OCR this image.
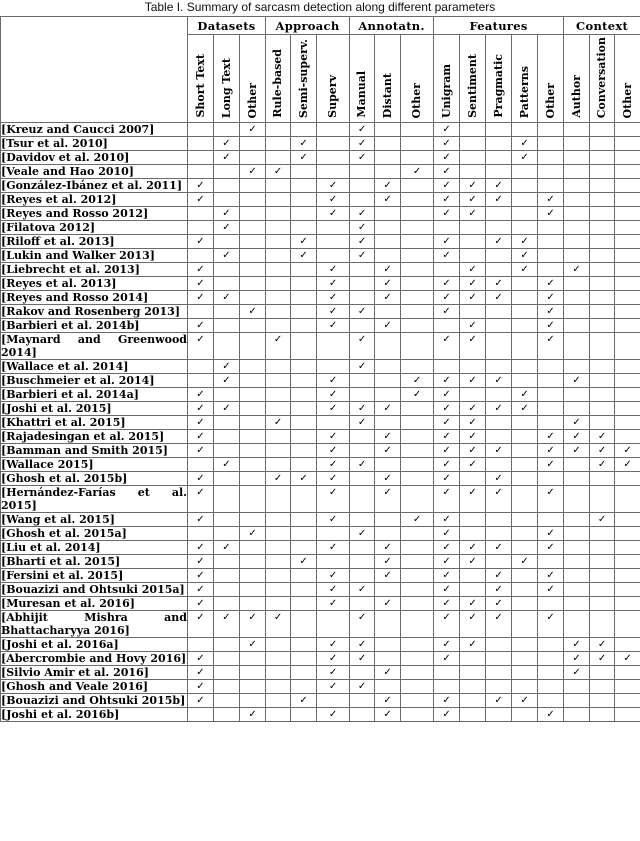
Table I. Summary of sarcasm detection along different parameters
	Datasets			Approach			Annotatn.			Features					Context		

	Short Text	Long Text	Other	Rule-based	Semi-superv.	Superv	Manual	Distant	Other	Unigram	Sentiment	Pragmatic	Patterns	Other	Author	Conversation	Other

[Kreuz and Caucci 2007]			✓				✓			✓							
[Tsur et al. 2010]		✓			✓		✓			✓			✓				
[Davidov et al. 2010]		✓			✓		✓			✓			✓				
[Veale and Hao 2010]			✓	✓					✓	✓							
[González-Ibánez et al. 2011]	✓					✓		✓		✓	✓	✓					
[Reyes et al. 2012]	✓					✓		✓		✓	✓	✓		✓			
[Reyes and Rosso 2012]		✓				✓	✓			✓	✓			✓			
[Filatova 2012]		✓					✓										
[Riloff et al. 2013]	✓				✓		✓			✓		✓	✓				
[Lukin and Walker 2013]		✓			✓		✓			✓			✓				
[Liebrecht et al. 2013]	✓					✓		✓			✓		✓		✓		
[Reyes et al. 2013]	✓					✓		✓		✓	✓	✓		✓			
[Reyes and Rosso 2014]	✓	✓				✓		✓		✓	✓	✓		✓			
[Rakov and Rosenberg 2013]			✓			✓	✓			✓				✓			
[Barbieri et al. 2014b]	✓					✓		✓			✓			✓			
[Maynard and Greenwood 2014]	✓			✓			✓			✓	✓			✓			
[Wallace et al. 2014]		✓					✓										
[Buschmeier et al. 2014]		✓				✓			✓	✓	✓	✓			✓		
[Barbieri et al. 2014a]	✓					✓			✓	✓			✓				
[Joshi et al. 2015]	✓	✓				✓	✓	✓		✓	✓	✓	✓				
[Khattri et al. 2015]	✓			✓			✓			✓	✓				✓		
[Rajadesingan et al. 2015]	✓					✓		✓		✓	✓			✓	✓	✓	
[Bamman and Smith 2015]	✓					✓		✓		✓	✓	✓		✓	✓	✓	✓
[Wallace 2015]		✓				✓	✓			✓	✓			✓		✓	✓
[Ghosh et al. 2015b]	✓			✓	✓	✓		✓		✓		✓					
[Hernández-Farías et al. 2015]	✓					✓		✓		✓	✓	✓		✓			
[Wang et al. 2015]	✓					✓			✓	✓						✓	
[Ghosh et al. 2015a]			✓				✓			✓				✓			
[Liu et al. 2014]	✓	✓				✓		✓		✓	✓	✓		✓			
[Bharti et al. 2015]	✓				✓			✓		✓	✓		✓				
[Fersini et al. 2015]	✓					✓		✓		✓		✓		✓			
[Bouazizi and Ohtsuki 2015a]	✓					✓	✓			✓		✓		✓			
[Muresan et al. 2016]	✓					✓		✓		✓	✓	✓					
[Abhijit Mishra and Bhattacharyya 2016]	✓	✓	✓	✓			✓			✓	✓	✓		✓			
[Joshi et al. 2016a]			✓			✓	✓			✓	✓				✓	✓	
[Abercrombie and Hovy 2016]	✓					✓	✓			✓					✓	✓	✓
[Silvio Amir et al. 2016]	✓					✓		✓							✓		
[Ghosh and Veale 2016]	✓					✓	✓										
[Bouazizi and Ohtsuki 2015b]	✓				✓			✓		✓		✓	✓				
[Joshi et al. 2016b]			✓			✓		✓		✓				✓			
